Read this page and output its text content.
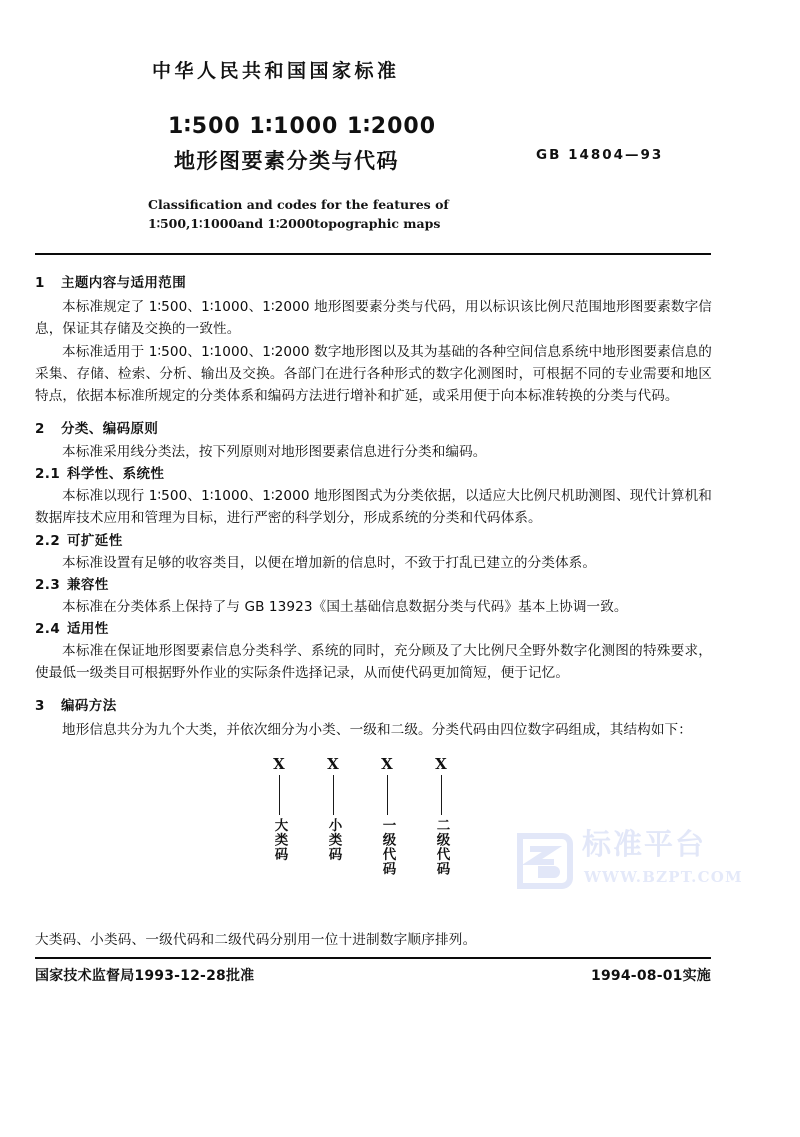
中华人民共和国国家标准
1∶500 1∶1000 1∶2000
地形图要素分类与代码	GB 14804—93
Classification and codes for the features of
1∶500,1∶1000and 1∶2000topographic maps
1 主题内容与适用范围

本标准规定了 1∶500、1∶1000、1∶2000 地形图要素分类与代码，用以标识该比例尺范围地形图要素数字信息，保证其存储及交换的一致性。

本标准适用于 1∶500、1∶1000、1∶2000 数字地形图以及其为基础的各种空间信息系统中地形图要素信息的采集、存储、检索、分析、输出及交换。各部门在进行各种形式的数字化测图时，可根据不同的专业需要和地区特点，依据本标准所规定的分类体系和编码方法进行增补和扩延，或采用便于向本标准转换的分类与代码。

2 分类、编码原则

本标准采用线分类法，按下列原则对地形图要素信息进行分类和编码。

2.1 科学性、系统性

本标准以现行 1∶500、1∶1000、1∶2000 地形图图式为分类依据，以适应大比例尺机助测图、现代计算机和数据库技术应用和管理为目标，进行严密的科学划分，形成系统的分类和代码体系。

2.2 可扩延性

本标准设置有足够的收容类目，以便在增加新的信息时，不致于打乱已建立的分类体系。

2.3 兼容性

本标准在分类体系上保持了与 GB 13923《国土基础信息数据分类与代码》基本上协调一致。

2.4 适用性

本标准在保证地形图要素信息分类科学、系统的同时，充分顾及了大比例尺全野外数字化测图的特殊要求，使最低一级类目可根据野外作业的实际条件选择记录，从而使代码更加简短，便于记忆。

3 编码方法

地形信息共分为九个大类，并依次细分为小类、一级和二级。分类代码由四位数字码组成，其结构如下：

X
大类码
X
小类码
X
一级代码
X
二级代码	标准平台
WWW.BZPT.COM
大类码、小类码、一级代码和二级代码分别用一位十进制数字顺序排列。
国家技术监督局1993-12-28批准	1994-08-01实施
